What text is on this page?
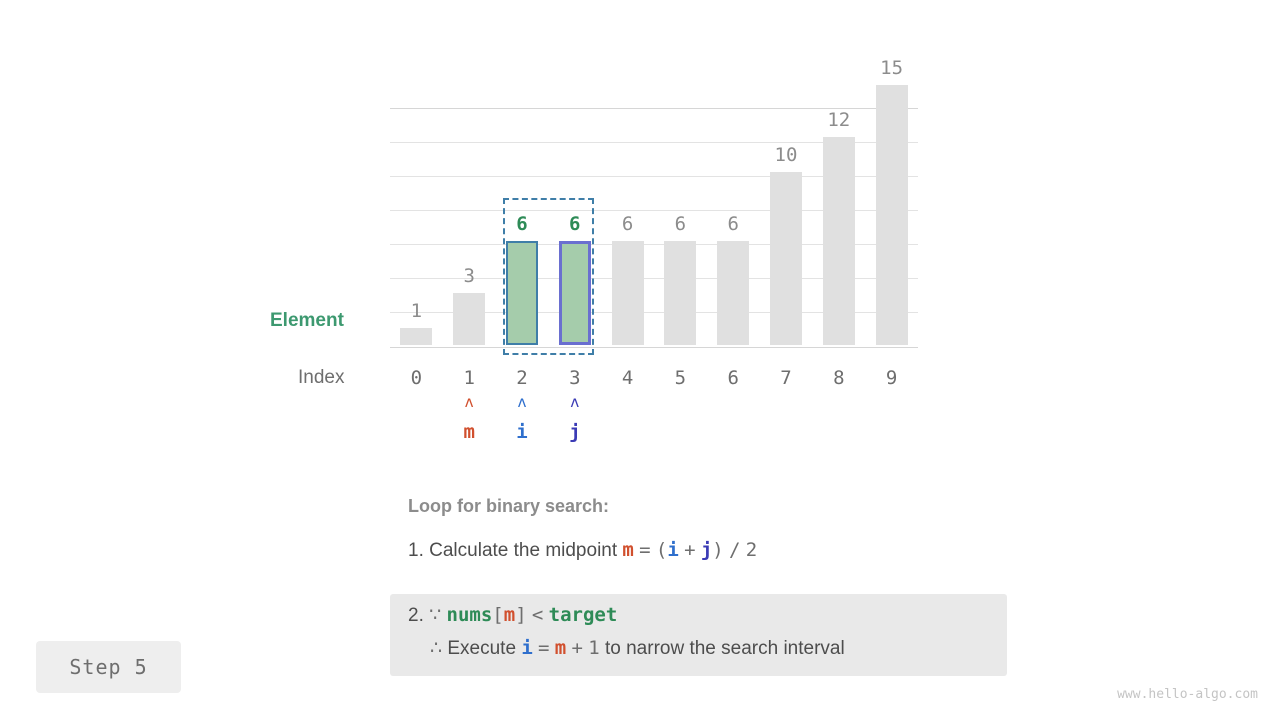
1
3
6 6 6 6 6
10
12
15
Element
Index	0	1	2	3	4	5	6	7	8	9
ʌ
m
ʌ
i
ʌ
j
Loop for binary search:
1. Calculate the midpoint m = (i + j) / 2
2. ∵ nums[m] < target
∴ Execute i = m + 1 to narrow the search interval
Step 5
www.hello-algo.com
